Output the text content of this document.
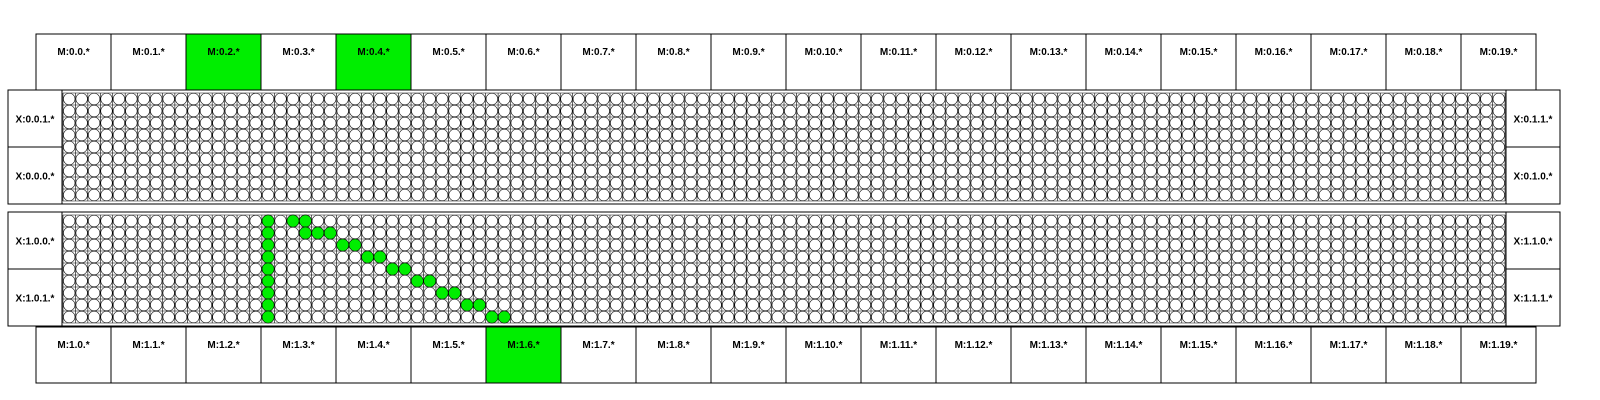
M:0.0.*	M:0.1.*	M:0.2.*	M:0.3.*	M:0.4.*	M:0.5.*	M:0.6.*	M:0.7.*	M:0.8.*	M:0.9.*	M:0.10.*	M:0.11.*	M:0.12.*	M:0.13.*	M:0.14.*	M:0.15.*	M:0.16.*	M:0.17.*	M:0.18.*	M:0.19.*
X:0.0.1.*	X:0.1.1.*
X:0.0.0.*	X:0.1.0.*
X:1.0.0.*	X:1.1.0.*
X:1.0.1.*	X:1.1.1.*
M:1.0.*	M:1.1.*	M:1.2.*	M:1.3.*	M:1.4.*	M:1.5.*	M:1.6.*	M:1.7.*	M:1.8.*	M:1.9.*	M:1.10.*	M:1.11.*	M:1.12.*	M:1.13.*	M:1.14.*	M:1.15.*	M:1.16.*	M:1.17.*	M:1.18.*	M:1.19.*
